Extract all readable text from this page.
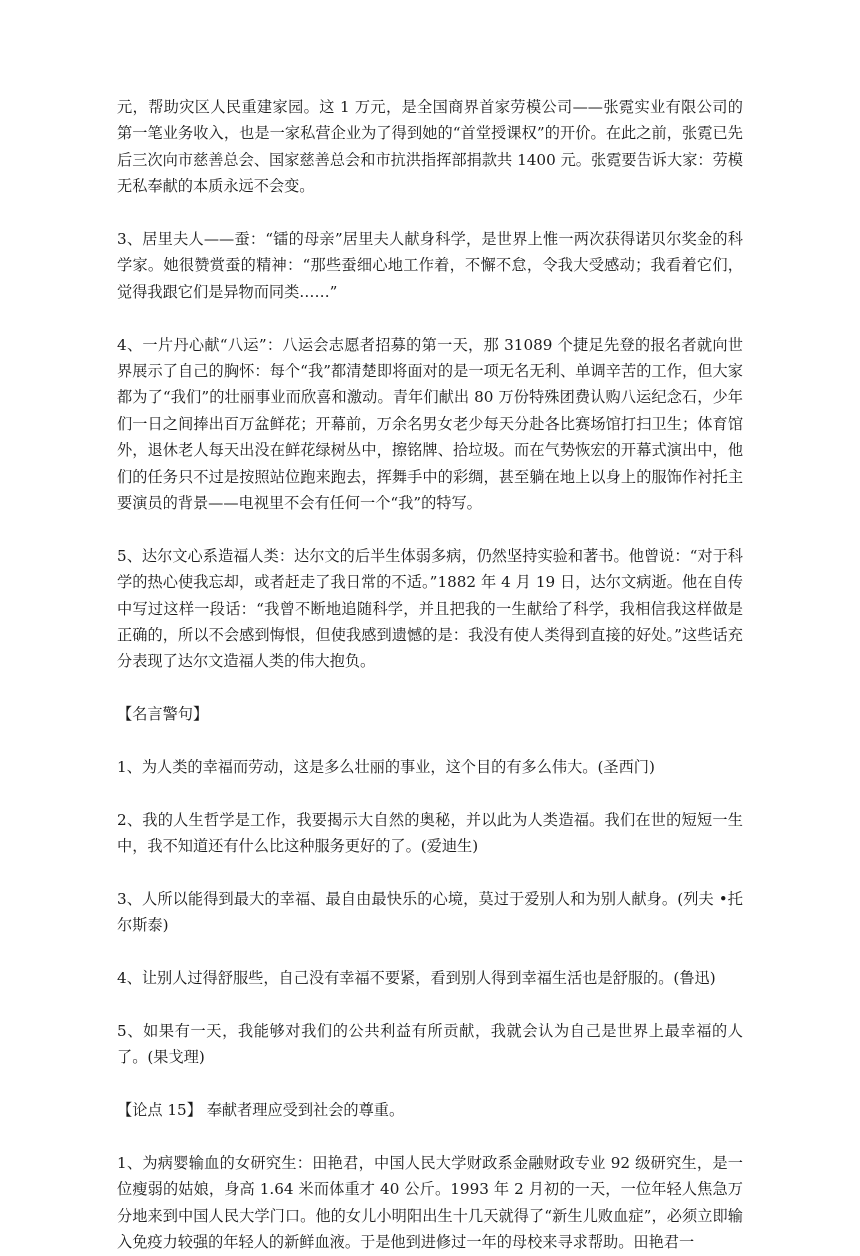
元，帮助灾区人民重建家园。这 1 万元，是全国商界首家劳模公司——张霓实业有限公司的第一笔业务收入，也是一家私营企业为了得到她的“首堂授课权”的开价。在此之前，张霓已先后三次向市慈善总会、国家慈善总会和市抗洪指挥部捐款共 1400 元。张霓要告诉大家：劳模无私奉献的本质永远不会变。

3、居里夫人——蚕：“镭的母亲”居里夫人献身科学，是世界上惟一两次获得诺贝尔奖金的科学家。她很赞赏蚕的精神：“那些蚕细心地工作着，不懈不怠，令我大受感动；我看着它们，觉得我跟它们是异物而同类……”

4、一片丹心献“八运”：八运会志愿者招募的第一天，那 31089 个捷足先登的报名者就向世界展示了自己的胸怀：每个“我”都清楚即将面对的是一项无名无利、单调辛苦的工作，但大家都为了“我们”的壮丽事业而欣喜和激动。青年们献出 80 万份特殊团费认购八运纪念石，少年们一日之间捧出百万盆鲜花；开幕前，万余名男女老少每天分赴各比赛场馆打扫卫生；体育馆外，退休老人每天出没在鲜花绿树丛中，擦铭牌、拾垃圾。而在气势恢宏的开幕式演出中，他们的任务只不过是按照站位跑来跑去，挥舞手中的彩绸，甚至躺在地上以身上的服饰作衬托主要演员的背景——电视里不会有任何一个“我”的特写。

5、达尔文心系造福人类：达尔文的后半生体弱多病，仍然坚持实验和著书。他曾说：“对于科学的热心使我忘却，或者赶走了我日常的不适。”1882 年 4 月 19 日，达尔文病逝。他在自传中写过这样一段话：“我曾不断地追随科学，并且把我的一生献给了科学，我相信我这样做是正确的，所以不会感到悔恨，但使我感到遗憾的是：我没有使人类得到直接的好处。”这些话充分表现了达尔文造福人类的伟大抱负。

【名言警句】

1、为人类的幸福而劳动，这是多么壮丽的事业，这个目的有多么伟大。(圣西门)

2、我的人生哲学是工作，我要揭示大自然的奥秘，并以此为人类造福。我们在世的短短一生中，我不知道还有什么比这种服务更好的了。(爱迪生)

3、人所以能得到最大的幸福、最自由最快乐的心境，莫过于爱别人和为别人献身。(列夫 •托尔斯泰)

4、让别人过得舒服些，自己没有幸福不要紧，看到别人得到幸福生活也是舒服的。(鲁迅)

5、如果有一天，我能够对我们的公共利益有所贡献，我就会认为自己是世界上最幸福的人了。(果戈理)

【论点 15】 奉献者理应受到社会的尊重。

1、为病婴输血的女研究生：田艳君，中国人民大学财政系金融财政专业 92 级研究生，是一位瘦弱的姑娘，身高 1.64 米而体重才 40 公斤。1993 年 2 月初的一天，一位年轻人焦急万分地来到中国人民大学门口。他的女儿小明阳出生十几天就得了“新生儿败血症”，必须立即输入免疫力较强的年轻人的新鲜血液。于是他到进修过一年的母校来寻求帮助。田艳君一
